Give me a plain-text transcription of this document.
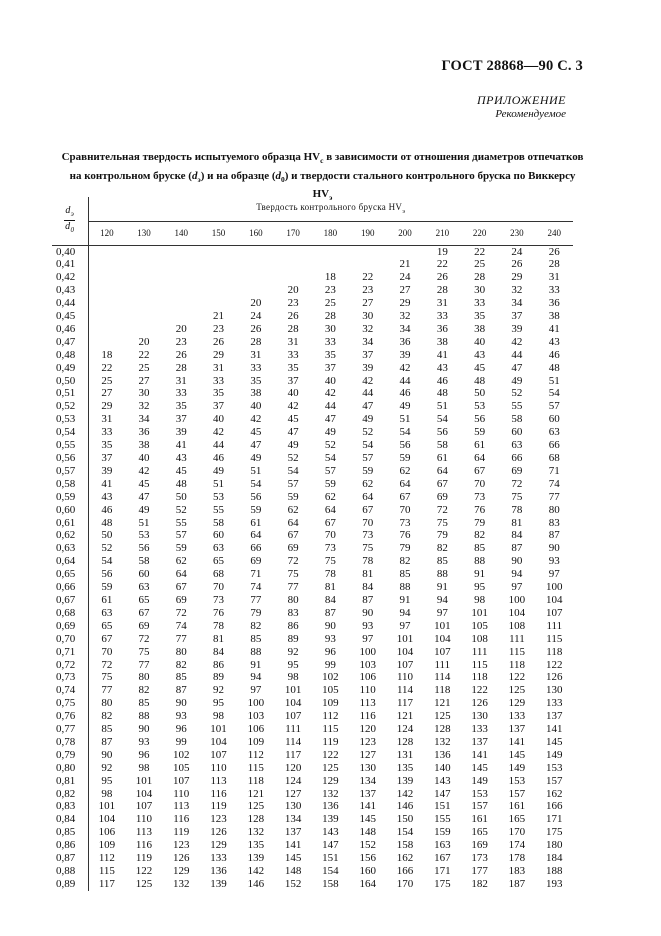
ГОСТ 28868—90 С. 3
ПРИЛОЖЕНИЕ
Рекомендуемое
Сравнительная твердость испытуемого образца $HV_c$ в зависимости от отношения диаметров отпечатков
на контрольном бруске $(d_э)$ и на образце $(d_0)$ и твердости стального контрольного бруска по Виккерсу $HV_э$
$\frac{d_э}{d_0}$	Твердость контрольного бруска $HV_э$
	120	130	140	150	160	170	180	190	200	210	220	230	240
0,40										19	22	24	26
0,41									21	22	25	26	28
0,42							18	22	24	26	28	29	31
0,43						20	23	23	27	28	30	32	33
0,44					20	23	25	27	29	31	33	34	36
0,45				21	24	26	28	30	32	33	35	37	38
0,46			20	23	26	28	30	32	34	36	38	39	41
0,47		20	23	26	28	31	33	34	36	38	40	42	43
0,48	18	22	26	29	31	33	35	37	39	41	43	44	46
0,49	22	25	28	31	33	35	37	39	42	43	45	47	48
0,50	25	27	31	33	35	37	40	42	44	46	48	49	51
0,51	27	30	33	35	38	40	42	44	46	48	50	52	54
0,52	29	32	35	37	40	42	44	47	49	51	53	55	57
0,53	31	34	37	40	42	45	47	49	51	54	56	58	60
0,54	33	36	39	42	45	47	49	52	54	56	59	60	63
0,55	35	38	41	44	47	49	52	54	56	58	61	63	66
0,56	37	40	43	46	49	52	54	57	59	61	64	66	68
0,57	39	42	45	49	51	54	57	59	62	64	67	69	71
0,58	41	45	48	51	54	57	59	62	64	67	70	72	74
0,59	43	47	50	53	56	59	62	64	67	69	73	75	77
0,60	46	49	52	55	59	62	64	67	70	72	76	78	80
0,61	48	51	55	58	61	64	67	70	73	75	79	81	83
0,62	50	53	57	60	64	67	70	73	76	79	82	84	87
0,63	52	56	59	63	66	69	73	75	79	82	85	87	90
0,64	54	58	62	65	69	72	75	78	82	85	88	90	93
0,65	56	60	64	68	71	75	78	81	85	88	91	94	97
0,66	59	63	67	70	74	77	81	84	88	91	95	97	100
0,67	61	65	69	73	77	80	84	87	91	94	98	100	104
0,68	63	67	72	76	79	83	87	90	94	97	101	104	107
0,69	65	69	74	78	82	86	90	93	97	101	105	108	111
0,70	67	72	77	81	85	89	93	97	101	104	108	111	115
0,71	70	75	80	84	88	92	96	100	104	107	111	115	118
0,72	72	77	82	86	91	95	99	103	107	111	115	118	122
0,73	75	80	85	89	94	98	102	106	110	114	118	122	126
0,74	77	82	87	92	97	101	105	110	114	118	122	125	130
0,75	80	85	90	95	100	104	109	113	117	121	126	129	133
0,76	82	88	93	98	103	107	112	116	121	125	130	133	137
0,77	85	90	96	101	106	111	115	120	124	128	133	137	141
0,78	87	93	99	104	109	114	119	123	128	132	137	141	145
0,79	90	96	102	107	112	117	122	127	131	136	141	145	149
0,80	92	98	105	110	115	120	125	130	135	140	145	149	153
0,81	95	101	107	113	118	124	129	134	139	143	149	153	157
0,82	98	104	110	116	121	127	132	137	142	147	153	157	162
0,83	101	107	113	119	125	130	136	141	146	151	157	161	166
0,84	104	110	116	123	128	134	139	145	150	155	161	165	171
0,85	106	113	119	126	132	137	143	148	154	159	165	170	175
0,86	109	116	123	129	135	141	147	152	158	163	169	174	180
0,87	112	119	126	133	139	145	151	156	162	167	173	178	184
0,88	115	122	129	136	142	148	154	160	166	171	177	183	188
0,89	117	125	132	139	146	152	158	164	170	175	182	187	193
